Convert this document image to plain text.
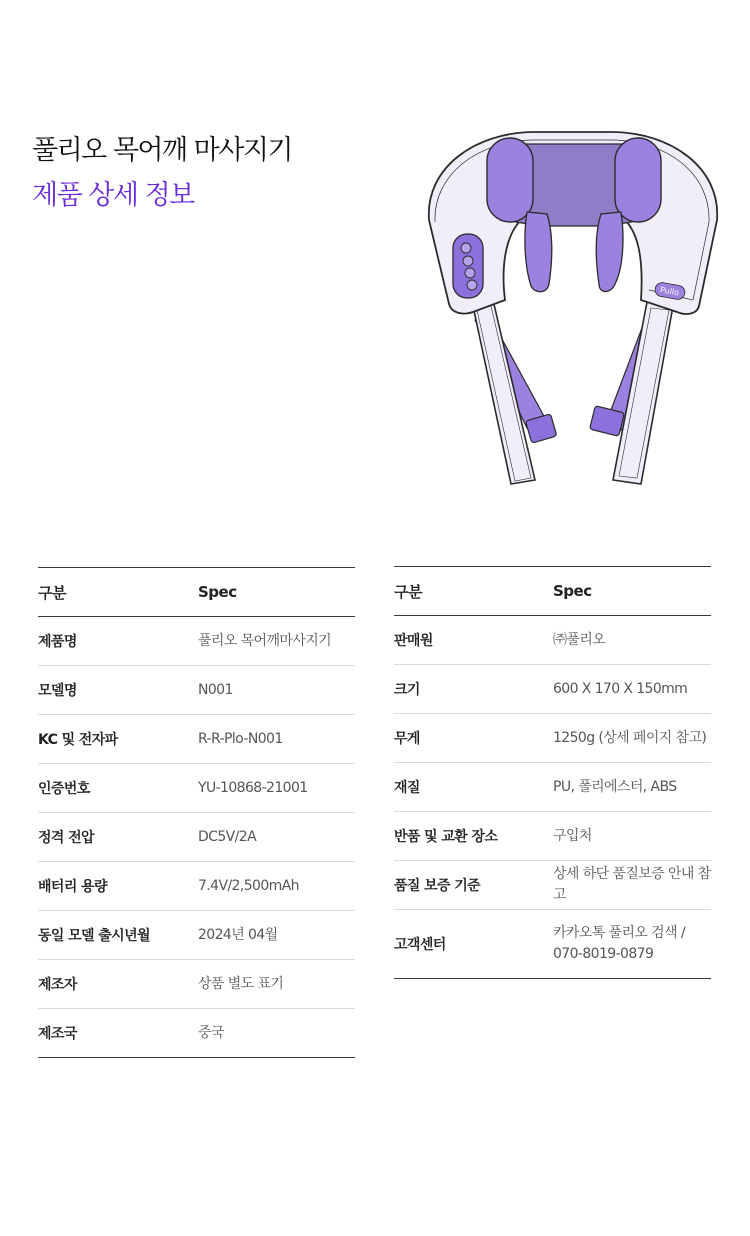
풀리오 목어깨 마사지기
제품 상세 정보
Pullo
구분	Spec
제품명	풀리오 목어깨마사지기
모델명	N001
KC 및 전자파	R-R-Plo-N001
인증번호	YU-10868-21001
정격 전압	DC5V/2A
배터리 용량	7.4V/2,500mAh
동일 모델 출시년월	2024년 04월
제조자	상품 별도 표기
제조국	중국
구분	Spec
판매원	㈜풀리오
크기	600 X 170 X 150mm
무게	1250g (상세 페이지 참고)
재질	PU, 폴리에스터, ABS
반품 및 교환 장소	구입처
품질 보증 기준	상세 하단 품질보증 안내 참고
고객센터	카카오톡 풀리오 검색 / 070-8019-0879
